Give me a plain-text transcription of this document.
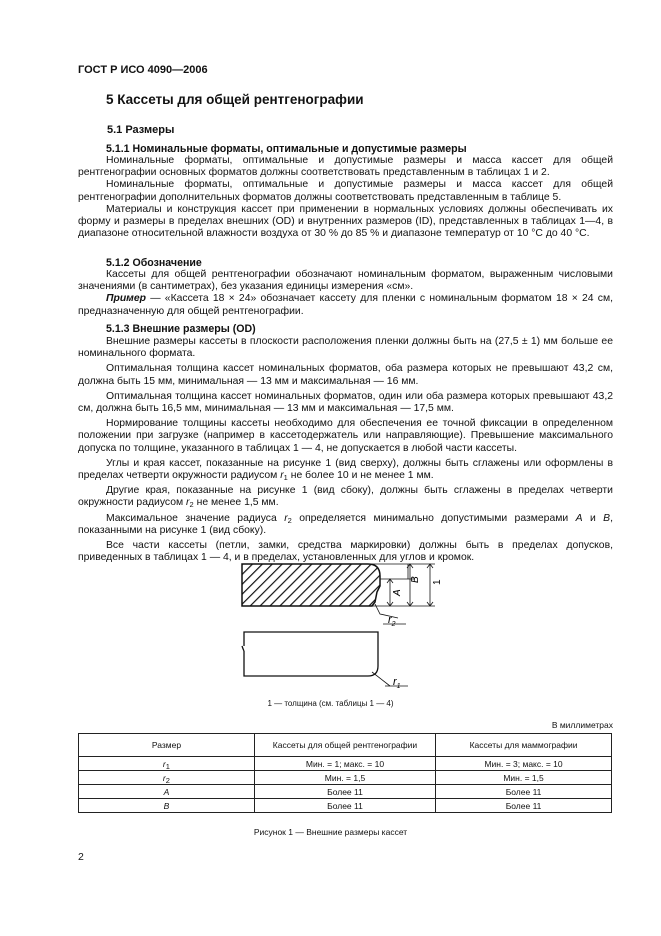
ГОСТ Р ИСО 4090—2006
5 Кассеты для общей рентгенографии
5.1 Размеры
5.1.1 Номинальные форматы, оптимальные и допустимые размеры

Номинальные форматы, оптимальные и допустимые размеры и масса кассет для общей рентгенографии основных форматов должны соответствовать представленным в таблицах 1 и 2.

Номинальные форматы, оптимальные и допустимые размеры и масса кассет для общей рентгенографии дополнительных форматов должны соответствовать представленным в таблице 5.

Материалы и конструкция кассет при применении в нормальных условиях должны обеспечивать их форму и размеры в пределах внешних (OD) и внутренних размеров (ID), представленных в таблицах 1—4, в диапазоне относительной влажности воздуха от 30 % до 85 % и диапазоне температур от 10 °C до 40 °C.

5.1.2 Обозначение

Кассеты для общей рентгенографии обозначают номинальным форматом, выраженным числовыми значениями (в сантиметрах), без указания единицы измерения «см».

Пример — «Кассета 18 × 24» обозначает кассету для пленки с номинальным форматом 18 × 24 см, предназначенную для общей рентгенографии.

5.1.3 Внешние размеры (OD)

Внешние размеры кассеты в плоскости расположения пленки должны быть на (27,5 ± 1) мм больше ее номинального формата.

Оптимальная толщина кассет номинальных форматов, оба размера которых не превышают 43,2 см, должна быть 15 мм, минимальная — 13 мм и максимальная — 16 мм.

Оптимальная толщина кассет номинальных форматов, один или оба размера которых превышают 43,2 см, должна быть 16,5 мм, минимальная — 13 мм и максимальная — 17,5 мм.

Нормирование толщины кассеты необходимо для обеспечения ее точной фиксации в определенном положении при загрузке (например в кассетодержатель или направляющие). Превышение максимального допуска по толщине, указанного в таблицах 1 — 4, не допускается в любой части кассеты.

Углы и края кассет, показанные на рисунке 1 (вид сверху), должны быть сглажены или оформлены в пределах четверти окружности радиусом $r_1$ не более 10 и не менее 1 мм.

Другие края, показанные на рисунке 1 (вид сбоку), должны быть сглажены в пределах четверти окружности радиусом $r_2$ не менее 1,5 мм.

Максимальное значение радиуса $r_2$ определяется минимально допустимыми размерами A и B, показанными на рисунке 1 (вид сбоку).

Все части кассеты (петли, замки, средства маркировки) должны быть в пределах допусков, приведенных в таблицах 1 — 4, и в пределах, установленных для углов и кромок.

A
B 1
$r_2$
$r_1$
1 — толщина (см. таблицы 1 — 4)
В миллиметрах
Размер	Кассеты для общей рентгенографии	Кассеты для маммографии
$r_1$	Мин. = 1; макс. = 10	Мин. = 3; макс. = 10
$r_2$	Мин. = 1,5	Мин. = 1,5
A	Более 11	Более 11
B	Более 11	Более 11
Рисунок 1 — Внешние размеры кассет
2
